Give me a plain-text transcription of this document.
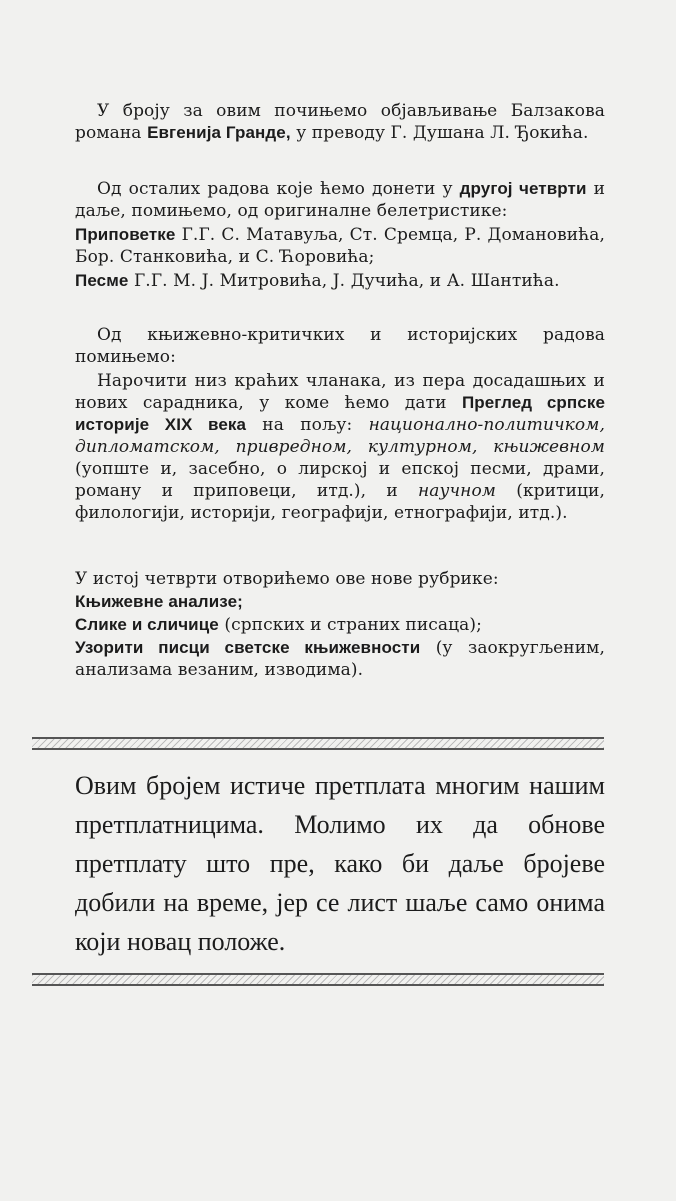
У броју за овим почињемо објављивање Балзакова романа Евгенија Гранде, у преводу Г. Душана Л. Ђокића.
Од осталих радова које ћемо донети у другој четврти и даље, помињемо, од оригиналне белетристике:
Приповетке Г.Г. С. Матавуља, Ст. Сремца, Р. Домановића, Бор. Станковића, и С. Ћоровића;
Песме Г.Г. М. Ј. Митровића, Ј. Дучића, и А. Шантића.
Од књижевно-критичких и историјских радова помињемо:
Нарочити низ краћих чланака, из пера досадашњих и нових сарадника, у коме ћемо дати Преглед српске историје XIX века на пољу: национално-политичком, дипломатском, привредном, културном, књижевном (уопште и, засебно, о лирској и епској песми, драми, роману и приповеци, итд.), и научном (критици, филологији, историји, географији, етнографији, итд.).
У истој четврти отворићемо ове нове рубрике:
Књижевне анализе;
Слике и сличице (српских и страних писаца);
Узорити писци светске књижевности (у заокругљеним, анализама везаним, изводима).
Овим бројем истиче претплата многим нашим претплатницима. Молимо их да обнове претплату што пре, како би даље бројеве добили на време, јер се лист шаље само онима који новац положе.
